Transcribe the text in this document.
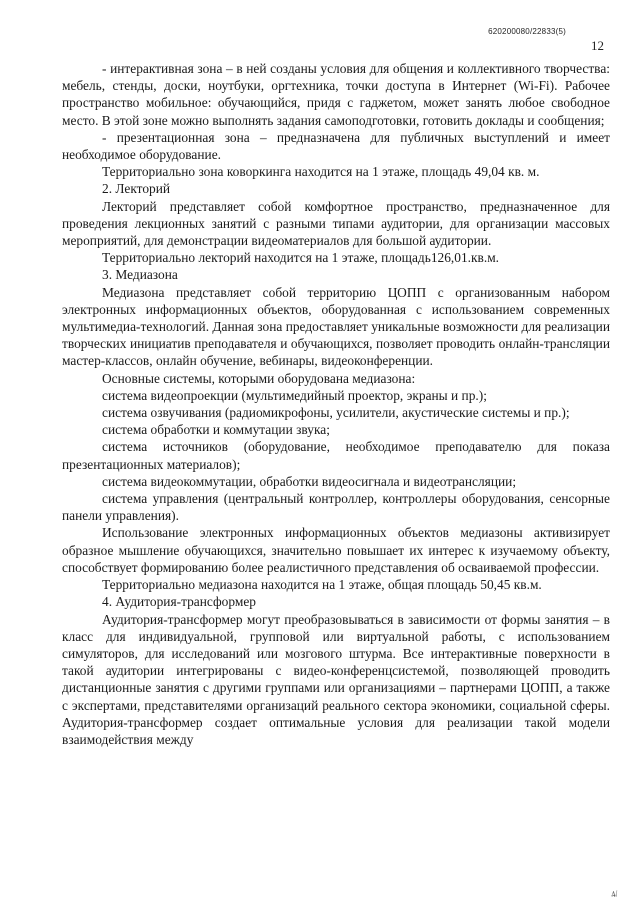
620200080/22833(5)
12

- интерактивная зона – в ней созданы условия для общения и коллективного творчества: мебель, стенды, доски, ноутбуки, оргтехника, точки доступа в Интернет (Wi-Fi). Рабочее пространство мобильное: обучающийся, придя с гаджетом, может занять любое свободное место. В этой зоне можно выполнять задания самоподготовки, готовить доклады и сообщения;

- презентационная зона – предназначена для публичных выступлений и имеет необходимое оборудование.

Территориально зона коворкинга находится на 1 этаже, площадь 49,04 кв. м.

2. Лекторий

Лекторий представляет собой комфортное пространство, предназначенное для проведения лекционных занятий с разными типами аудитории, для организации массовых мероприятий, для демонстрации видеоматериалов для большой аудитории.

Территориально лекторий находится на 1 этаже, площадь126,01.кв.м.

3. Медиазона

Медиазона представляет собой территорию ЦОПП с организованным набором электронных информационных объектов, оборудованная с использованием современных мультимедиа-технологий. Данная зона предоставляет уникальные возможности для реализации творческих инициатив преподавателя и обучающихся, позволяет проводить онлайн-трансляции мастер-классов, онлайн обучение, вебинары, видеоконференции.

Основные системы, которыми оборудована медиазона:

система видеопроекции (мультимедийный проектор, экраны и пр.);

система озвучивания (радиомикрофоны, усилители, акустические системы и пр.);

система обработки и коммутации звука;

система источников (оборудование, необходимое преподавателю для показа презентационных материалов);

система видеокоммутации, обработки видеосигнала и видеотрансляции;

система управления (центральный контроллер, контроллеры оборудования, сенсорные панели управления).

Использование электронных информационных объектов медиазоны активизирует образное мышление обучающихся, значительно повышает их интерес к изучаемому объекту, способствует формированию более реалистичного представления об осваиваемой профессии.

Территориально медиазона находится на 1 этаже, общая площадь 50,45 кв.м.

4. Аудитория-трансформер

Аудитория-трансформер могут преобразовываться в зависимости от формы занятия – в класс для индивидуальной, групповой или виртуальной работы, с использованием симуляторов, для исследований или мозгового штурма. Все интерактивные поверхности в такой аудитории интегрированы с видео-конференцсистемой, позволяющей проводить дистанционные занятия с другими группами или организациями – партнерами ЦОПП, а также с экспертами, представителями организаций реального сектора экономики, социальной сферы. Аудитория-трансформер создает оптимальные условия для реализации такой модели взаимодействия между

4/
